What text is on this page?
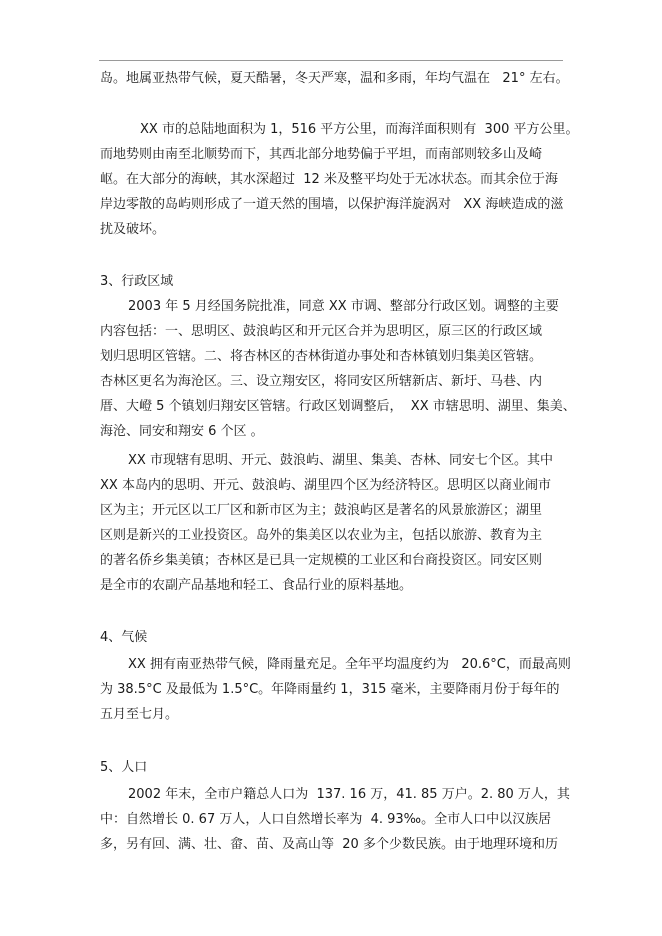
岛。地属亚热带气候，夏天酷暑，冬天严寒，温和多雨，年均气温在   21° 左右。
XX 市的总陆地面积为 1，516 平方公里，而海洋面积则有  300 平方公里。
而地势则由南至北顺势而下，其西北部分地势偏于平坦，而南部则较多山及崎
岖。在大部分的海峡，其水深超过  12 米及整平均处于无冰状态。而其余位于海
岸边零散的岛屿则形成了一道天然的围墙，以保护海洋旋涡对   XX 海峡造成的滋
扰及破坏。
3、行政区域
2003 年 5 月经国务院批准，同意 XX 市调、整部分行政区划。调整的主要
内容包括：一、思明区、鼓浪屿区和开元区合并为思明区，原三区的行政区域
划归思明区管辖。二、将杏林区的杏林街道办事处和杏林镇划归集美区管辖。
杏林区更名为海沧区。三、设立翔安区，将同安区所辖新店、新圩、马巷、内
厝、大嶝 5 个镇划归翔安区管辖。行政区划调整后，  XX 市辖思明、湖里、集美、
海沧、同安和翔安 6 个区 。
XX 市现辖有思明、开元、鼓浪屿、湖里、集美、杏林、同安七个区。其中
XX 本岛内的思明、开元、鼓浪屿、湖里四个区为经济特区。思明区以商业闹市
区为主；开元区以工厂区和新市区为主；鼓浪屿区是著名的风景旅游区；湖里
区则是新兴的工业投资区。岛外的集美区以农业为主，包括以旅游、教育为主
的著名侨乡集美镇；杏林区是已具一定规模的工业区和台商投资区。同安区则
是全市的农副产品基地和轻工、食品行业的原料基地。
4、气候
XX 拥有南亚热带气候，降雨量充足。全年平均温度约为   20.6°C，而最高则
为 38.5°C 及最低为 1.5°C。年降雨量约 1，315 毫米，主要降雨月份于每年的
五月至七月。
5、人口
2002 年末，全市户籍总人口为  137. 16 万，41. 85 万户。2. 80 万人，其
中：自然增长 0. 67 万人，人口自然增长率为  4. 93‰。全市人口中以汉族居
多，另有回、满、壮、畲、苗、及高山等  20 多个少数民族。由于地理环境和历
